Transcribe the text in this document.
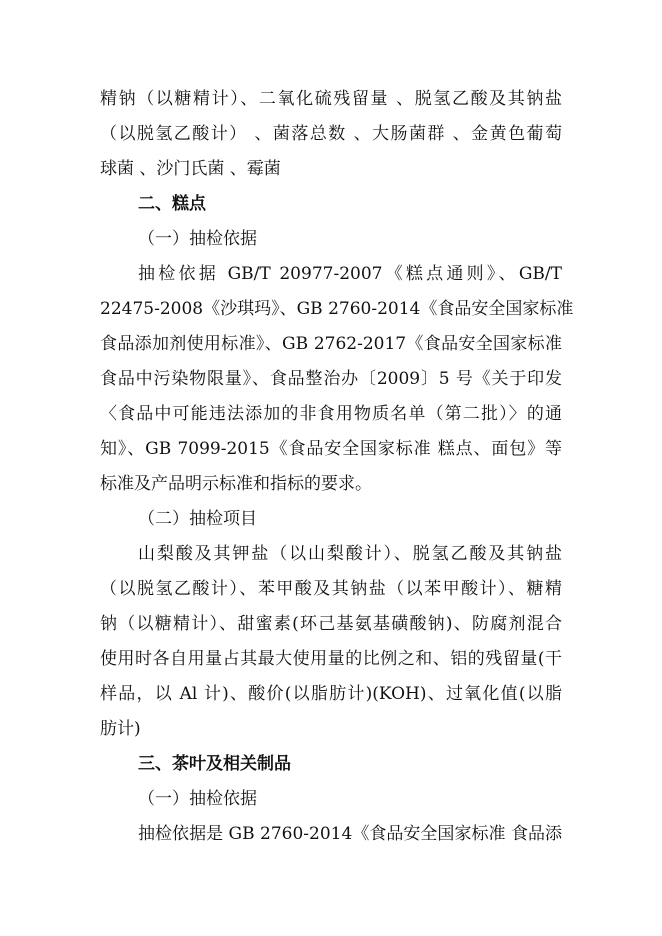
精钠（以糖精计）、二氧化硫残留量 、脱氢乙酸及其钠盐
（以脱氢乙酸计） 、菌落总数 、大肠菌群 、金黄色葡萄
球菌 、沙门氏菌 、霉菌
二、糕点
（一）抽检依据
抽检依据 GB/T 20977-2007《糕点通则》、GB/T
22475-2008《沙琪玛》、GB 2760-2014《食品安全国家标准
食品添加剂使用标准》、GB 2762-2017《食品安全国家标准
食品中污染物限量》、食品整治办〔2009〕5 号《关于印发
〈食品中可能违法添加的非食用物质名单（第二批）〉的通
知》、GB 7099-2015《食品安全国家标准 糕点、面包》等
标准及产品明示标准和指标的要求。
（二）抽检项目
山梨酸及其钾盐（以山梨酸计）、脱氢乙酸及其钠盐
（以脱氢乙酸计）、苯甲酸及其钠盐（以苯甲酸计）、糖精
钠（以糖精计）、甜蜜素(环己基氨基磺酸钠)、防腐剂混合
使用时各自用量占其最大使用量的比例之和、铝的残留量(干
样品，以 Al 计)、酸价(以脂肪计)(KOH)、过氧化值(以脂
肪计)
三、茶叶及相关制品
（一）抽检依据
抽检依据是 GB 2760-2014《食品安全国家标准 食品添
